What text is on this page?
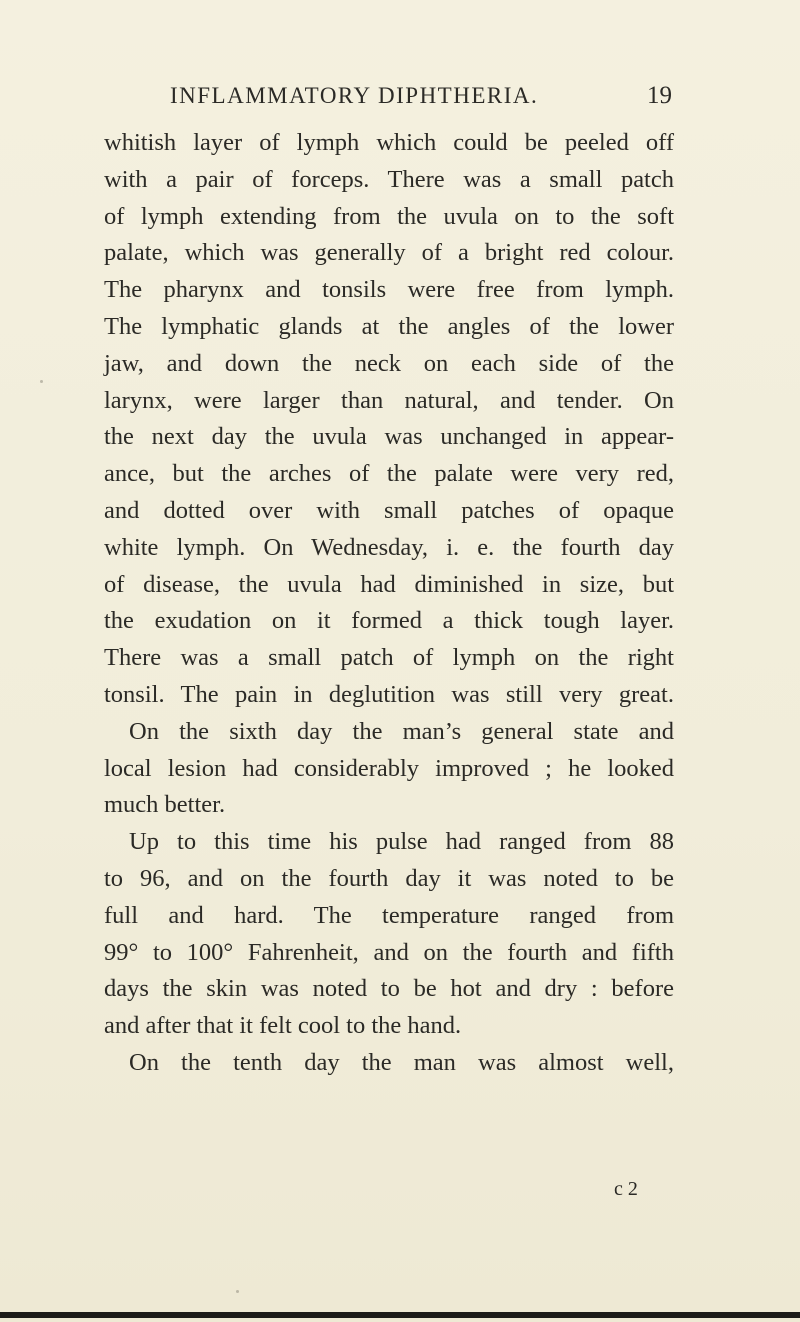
INFLAMMATORY DIPHTHERIA.	19
whitish layer of lymph which could be peeled off
with a pair of forceps. There was a small patch
of lymph extending from the uvula on to the soft
palate, which was generally of a bright red colour.
The pharynx and tonsils were free from lymph.
The lymphatic glands at the angles of the lower
jaw, and down the neck on each side of the
larynx, were larger than natural, and tender. On
the next day the uvula was unchanged in appear-
ance, but the arches of the palate were very red,
and dotted over with small patches of opaque
white lymph. On Wednesday, i. e. the fourth day
of disease, the uvula had diminished in size, but
the exudation on it formed a thick tough layer.
There was a small patch of lymph on the right
tonsil. The pain in deglutition was still very great.
On the sixth day the man’s general state and
local lesion had considerably improved ; he looked
much better.
Up to this time his pulse had ranged from 88
to 96, and on the fourth day it was noted to be
full and hard. The temperature ranged from
99° to 100° Fahrenheit, and on the fourth and fifth
days the skin was noted to be hot and dry : before
and after that it felt cool to the hand.
On the tenth day the man was almost well,
c 2
